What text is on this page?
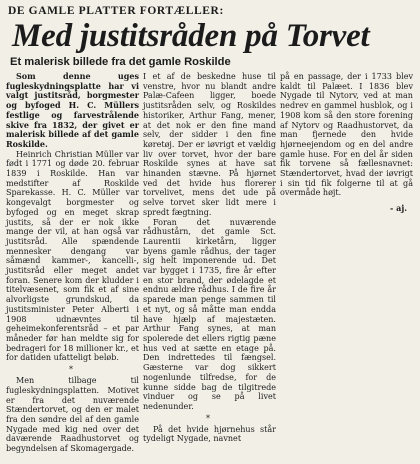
DE GAMLE PLATTER FORTÆLLER:
Med justitsråden på Torvet
Et malerisk billede fra det gamle Roskilde

Som denne uges fugleskydningsplatte har vi valgt justitsråd, borgmester og byfoged H. C. Müllers festlige og farvestrålende skive fra 1832, der givet er malerisk billede af det gamle Roskilde.

Heinrich Christian Müller var født i 1771 og døde 20. februar 1839 i Roskilde. Han var medstifter af Roskilde Sparekasse. H. C. Müller var kongevalgt borgmester og byfoged og en meget skrap justits, så der er nok ikke mange der vil, at han også var justitsråd. Alle spændende mennesker dengang var såmænd kammer-, kancelli-, justitsråd eller meget andet foran. Senere kom der kludder i titelvæsenet, som fik et af sine alvorligste grundskud, da justitsminister Peter Alberti i 1908 udnævntes til geheimekonferentsråd – et par måneder før han meldte sig for bedrageri for 18 millioner kr., et for datiden ufatteligt beløb.

*

Men tilbage til fugleskydningsplatten. Motivet er fra det nuværende Stændertorvet, og den er malet fra den søndre del af den gamle Nygade med kig ned over det daværende Raadhustorvet og begyndelsen af Skomagergade.

I et af de beskedne huse til venstre, hvor nu blandt andre Palæ-Cafeen ligger, boede justitsråden selv, og Roskildes historiker, Arthur Fang, mener, at det nok er den fine mand selv, der sidder i den fine køretøj. Der er iøvrigt et vældig liv over torvet, hvor der bare Roskilde synes at have sat hinanden stævne. På hjørnet ved det hvide hus florerer torvelivet, mens det ude på selve torvet sker lidt mere i spredt fægtning.

Foran det nuværende rådhustårn, det gamle Sct. Laurentii kirketårn, ligger byens gamle rådhus, der tager sig helt imponerende ud. Det var bygget i 1735, fire år efter en stor brand, der ødelagde et endnu ældre rådhus. I de fire år sparede man penge sammen til et nyt, og så måtte man endda have hjælp af majestæten. Arthur Fang synes, at man spolerede det ellers rigtig pæne hus ved at sætte en etage på. Den indrettedes til fængsel. Gæsterne var dog sikkert nogenlunde tilfredse, for de kunne sidde bag de tilgitrede vinduer og se på livet nedenunder.

*

På det hvide hjørnehus står tydeligt Nygade, navnet

på en passage, der i 1733 blev kaldt til Palæet. I 1836 blev Nygade til Nytorv, ved at man nedrev en gammel husblok, og i 1908 kom så den store forening af Nytorv og Raadhustorvet, da man fjernede den hvide hjørneejendom og en del andre gamle huse. For en del år siden fik torvene så fællesnavnet: Stændertorvet, hvad der iøvrigt i sin tid fik folgerne til at gå overmåde højt.

- aj.
